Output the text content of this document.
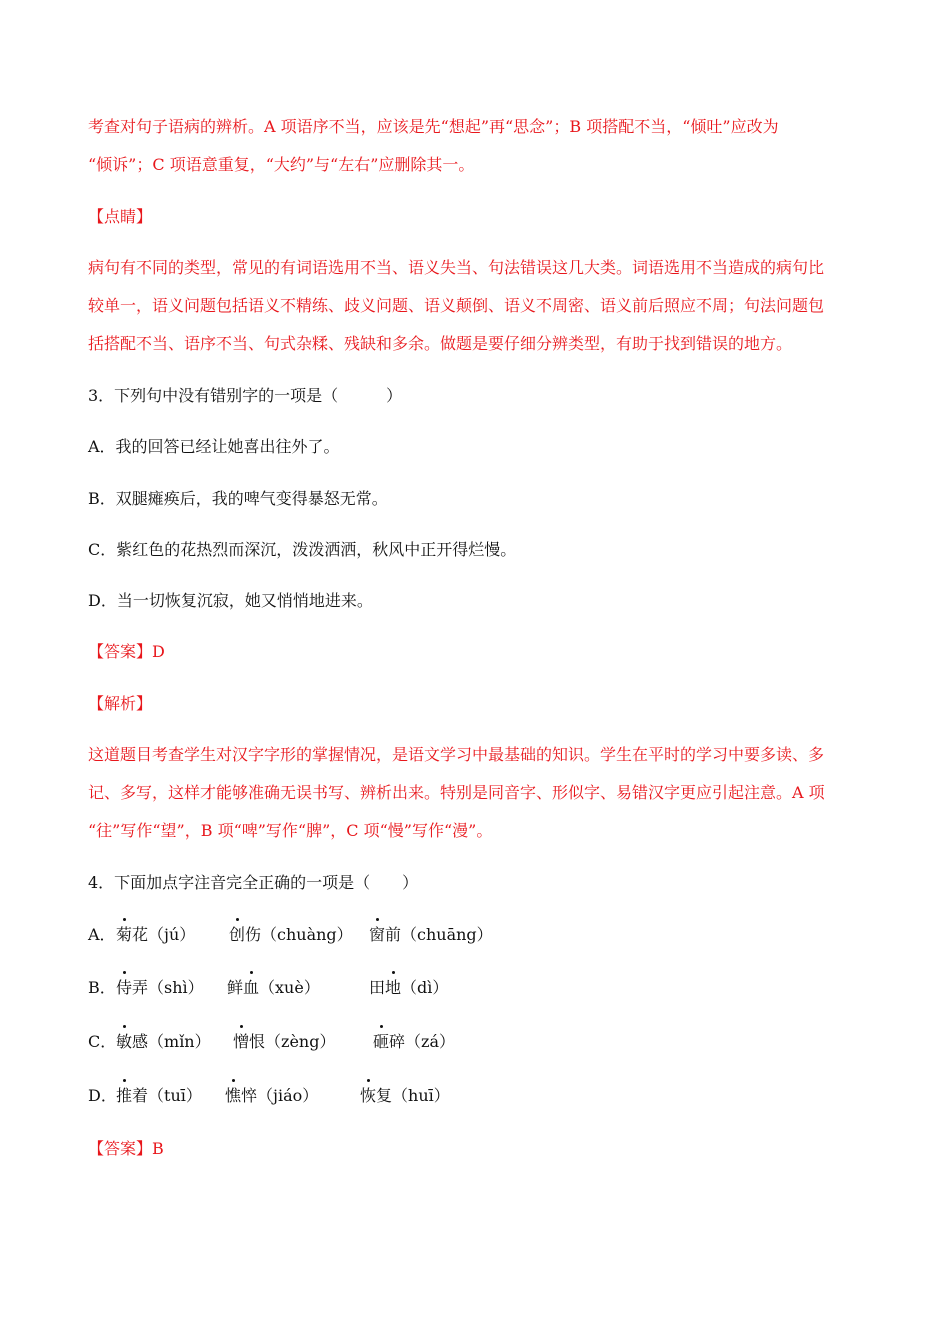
考查对句子语病的辨析。A 项语序不当，应该是先“想起”再“思念”；B 项搭配不当，“倾吐”应改为
“倾诉”；C 项语意重复，“大约”与“左右”应删除其一。
【点睛】
病句有不同的类型，常见的有词语选用不当、语义失当、句法错误这几大类。词语选用不当造成的病句比
较单一，语义问题包括语义不精练、歧义问题、语义颠倒、语义不周密、语义前后照应不周；句法问题包
括搭配不当、语序不当、句式杂糅、残缺和多余。做题是要仔细分辨类型，有助于找到错误的地方。
3．下列句中没有错别字的一项是（　　　）
A．我的回答已经让她喜出往外了。
B．双腿瘫痪后，我的啤气变得暴怒无常。
C．紫红色的花热烈而深沉，泼泼洒洒，秋风中正开得烂慢。
D．当一切恢复沉寂，她又悄悄地进来。
【答案】D
【解析】
这道题目考查学生对汉字字形的掌握情况，是语文学习中最基础的知识。学生在平时的学习中要多读、多
记、多写，这样才能够准确无误书写、辨析出来。特别是同音字、形似字、易错汉字更应引起注意。A 项
“往”写作“望”，B 项“啤”写作“脾”，C 项“慢”写作“漫”。
4．下面加点字注音完全正确的一项是（　　）
A． 菊花（jú） 创伤（chuàng） 窗前（chuāng）
B． 侍弄（shì） 鲜血（xuè）	田地（dì）
C． 敏感（mǐn） 憎恨（zèng） 砸碎（zá）
D． 推着（tuī） 憔悴（jiáo）	恢复（huī）
【答案】B
